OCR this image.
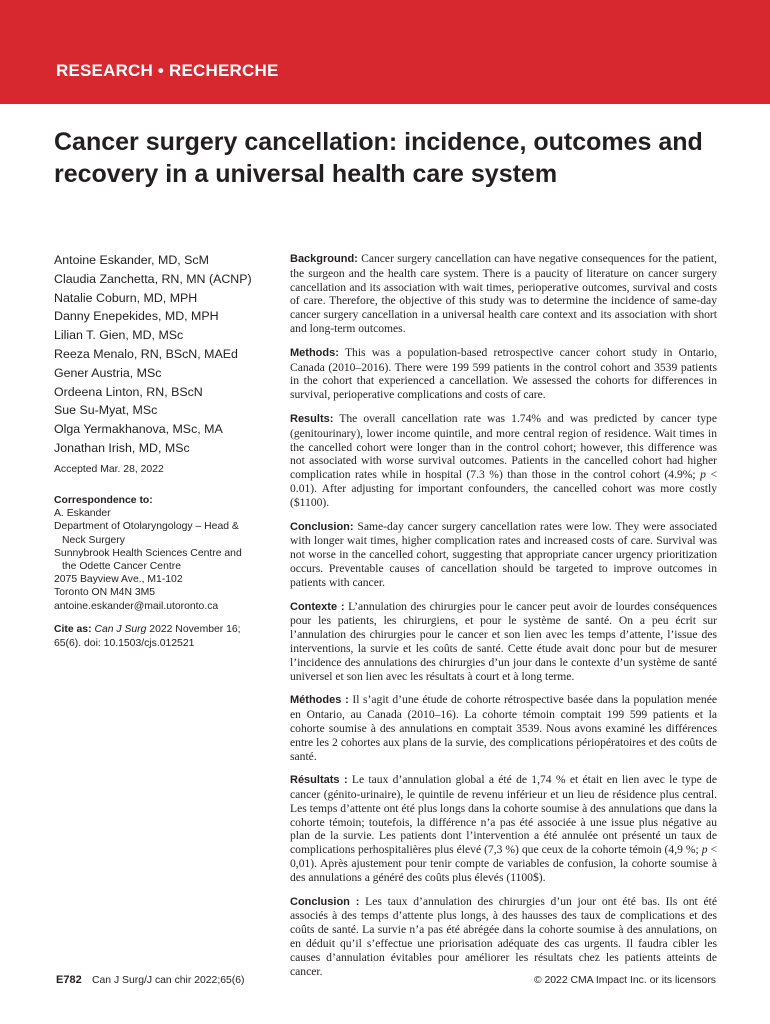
RESEARCH • RECHERCHE
Cancer surgery cancellation: incidence, outcomes and recovery in a universal health care system
Antoine Eskander, MD, ScM
Claudia Zanchetta, RN, MN (ACNP)
Natalie Coburn, MD, MPH
Danny Enepekides, MD, MPH
Lilian T. Gien, MD, MSc
Reeza Menalo, RN, BScN, MAEd
Gener Austria, MSc
Ordeena Linton, RN, BScN
Sue Su-Myat, MSc
Olga Yermakhanova, MSc, MA
Jonathan Irish, MD, MSc
Accepted Mar. 28, 2022
Correspondence to:
A. Eskander
Department of Otolaryngology – Head &
Neck Surgery
Sunnybrook Health Sciences Centre and
the Odette Cancer Centre
2075 Bayview Ave., M1-102
Toronto ON M4N 3M5
antoine.eskander@mail.utoronto.ca
Cite as: Can J Surg 2022 November 16;
65(6). doi: 10.1503/cjs.012521

Background: Cancer surgery cancellation can have negative consequences for the patient, the surgeon and the health care system. There is a paucity of literature on cancer surgery cancellation and its association with wait times, perioperative outcomes, survival and costs of care. Therefore, the objective of this study was to determine the incidence of same-day cancer surgery cancellation in a universal health care context and its association with short and long-term outcomes.

Methods: This was a population-based retrospective cancer cohort study in Ontario, Canada (2010–2016). There were 199 599 patients in the control cohort and 3539 patients in the cohort that experienced a cancellation. We assessed the cohorts for differences in survival, perioperative complications and costs of care.

Results: The overall cancellation rate was 1.74% and was predicted by cancer type (genitourinary), lower income quintile, and more central region of residence. Wait times in the cancelled cohort were longer than in the control cohort; however, this difference was not associated with worse survival outcomes. Patients in the cancelled cohort had higher complication rates while in hospital (7.3 %) than those in the control cohort (4.9%; p < 0.01). After adjusting for important confounders, the cancelled cohort was more costly ($1100).

Conclusion: Same-day cancer surgery cancellation rates were low. They were associated with longer wait times, higher complication rates and increased costs of care. Survival was not worse in the cancelled cohort, suggesting that appropriate cancer urgency prioritization occurs. Preventable causes of cancellation should be targeted to improve outcomes in patients with cancer.

Contexte : L’annulation des chirurgies pour le cancer peut avoir de lourdes conséquences pour les patients, les chirurgiens, et pour le système de santé. On a peu écrit sur l’annulation des chirurgies pour le cancer et son lien avec les temps d’attente, l’issue des interventions, la survie et les coûts de santé. Cette étude avait donc pour but de mesurer l’incidence des annulations des chirurgies d’un jour dans le contexte d’un système de santé universel et son lien avec les résultats à court et à long terme.

Méthodes : Il s’agit d’une étude de cohorte rétrospective basée dans la population menée en Ontario, au Canada (2010–16). La cohorte témoin comptait 199 599 patients et la cohorte soumise à des annulations en comptait 3539. Nous avons examiné les différences entre les 2 cohortes aux plans de la survie, des complications périopératoires et des coûts de santé.

Résultats : Le taux d’annulation global a été de 1,74 % et était en lien avec le type de cancer (génito-urinaire), le quintile de revenu inférieur et un lieu de résidence plus central. Les temps d’attente ont été plus longs dans la cohorte soumise à des annulations que dans la cohorte témoin; toutefois, la différence n’a pas été associée à une issue plus négative au plan de la survie. Les patients dont l’intervention a été annulée ont présenté un taux de complications perhospitalières plus élevé (7,3 %) que ceux de la cohorte témoin (4,9 %; p < 0,01). Après ajustement pour tenir compte de variables de confusion, la cohorte soumise à des annulations a généré des coûts plus élevés (1100$).

Conclusion : Les taux d’annulation des chirurgies d’un jour ont été bas. Ils ont été associés à des temps d’attente plus longs, à des hausses des taux de complications et des coûts de santé. La survie n’a pas été abrégée dans la cohorte soumise à des annulations, on en déduit qu’il s’effectue une priorisation adéquate des cas urgents. Il faudra cibler les causes d’annulation évitables pour améliorer les résultats chez les patients atteints de cancer.

E782 Can J Surg/J can chir 2022;65(6)	© 2022 CMA Impact Inc. or its licensors
